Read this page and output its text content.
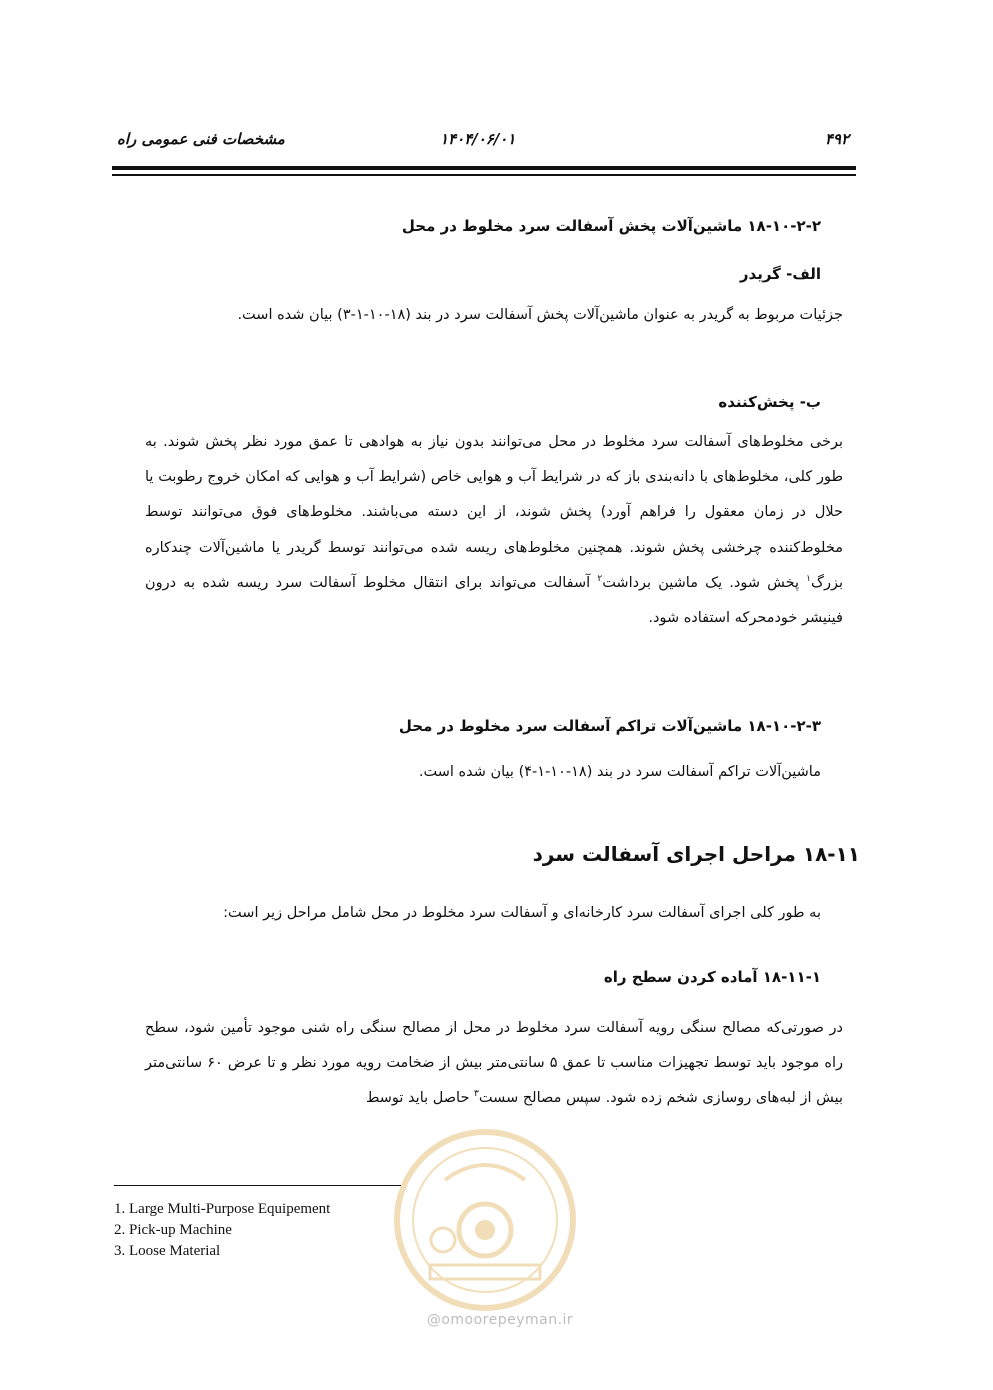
۴۹۲
۱۴۰۴/۰۶/۰۱
مشخصات فنی عمومی راه
۱۸-۱۰-۲-۲ ماشین‌آلات پخش آسفالت سرد مخلوط در محل
الف- گریدر
جزئیات مربوط به گریدر به عنوان ماشین‌آلات پخش آسفالت سرد در بند (۱۸-۱۰-۱-۳) بیان شده است.
ب- پخش‌کننده
برخی مخلوط‌های آسفالت سرد مخلوط در محل می‌توانند بدون نیاز به هوادهی تا عمق مورد نظر پخش شوند. به طور کلی، مخلوط‌های با دانه‌بندی باز که در شرایط آب و هوایی خاص (شرایط آب و هوایی که امکان خروج رطوبت یا حلال در زمان معقول را فراهم آورد) پخش شوند، از این دسته می‌باشند. مخلوط‌های فوق می‌توانند توسط مخلوط‌کننده چرخشی پخش شوند. همچنین مخلوط‌های ریسه شده می‌توانند توسط گریدر یا ماشین‌آلات چندکاره بزرگ$^۱$ پخش شود. یک ماشین برداشت$^۲$ آسفالت می‌تواند برای انتقال مخلوط آسفالت سرد ریسه شده به درون فینیشر خودمحرکه استفاده شود.
۱۸-۱۰-۲-۳ ماشین‌آلات تراکم آسفالت سرد مخلوط در محل
ماشین‌آلات تراکم آسفالت سرد در بند (۱۸-۱۰-۱-۴) بیان شده است.
۱۸-۱۱ مراحل اجرای آسفالت سرد
به طور کلی اجرای آسفالت سرد کارخانه‌ای و آسفالت سرد مخلوط در محل شامل مراحل زیر است:
۱۸-۱۱-۱ آماده کردن سطح راه
در صورتی‌که مصالح سنگی رویه آسفالت سرد مخلوط در محل از مصالح سنگی راه شنی موجود تأمین شود، سطح راه موجود باید توسط تجهیزات مناسب تا عمق ۵ سانتی‌متر بیش از ضخامت رویه مورد نظر و تا عرض ۶۰ سانتی‌متر بیش از لبه‌های روسازی شخم زده شود. سپس مصالح سست$^۳$ حاصل باید توسط
@omoorepeyman.ir
1. Large Multi-Purpose Equipement
2. Pick-up Machine
3. Loose Material
